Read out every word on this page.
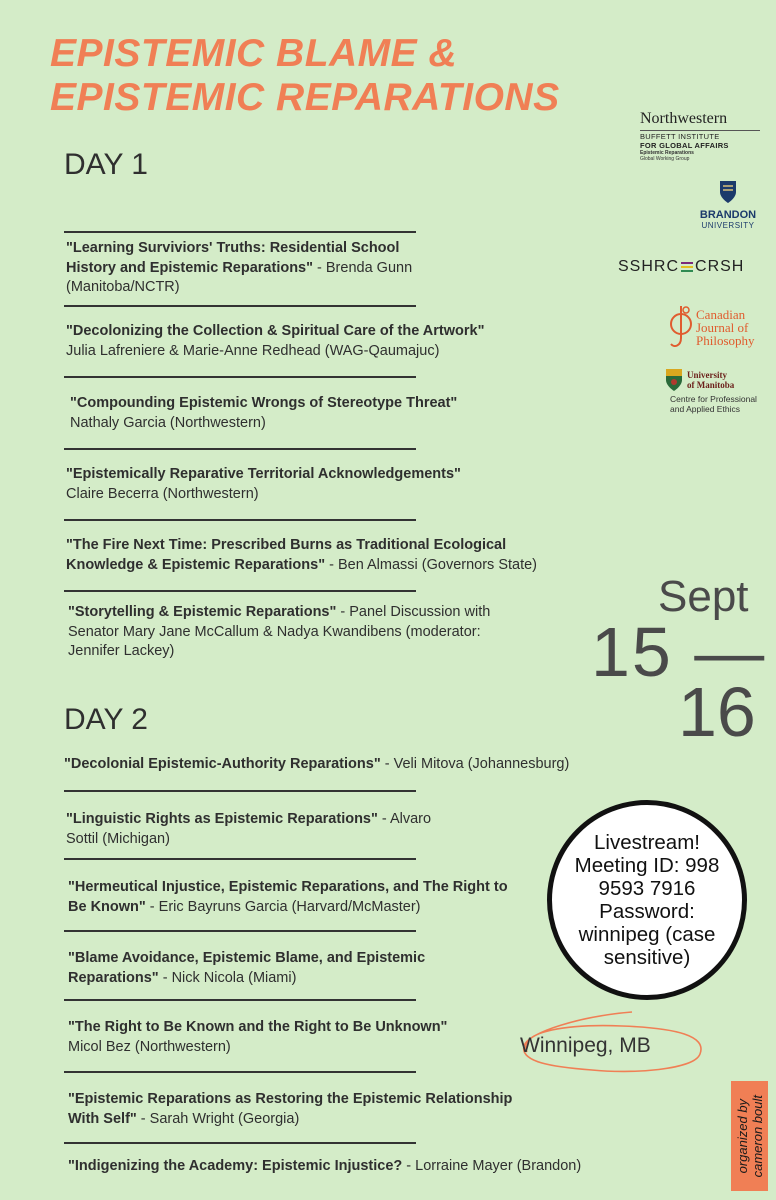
EPISTEMIC BLAME &
EPISTEMIC REPARATIONS
DAY 1
"Learning Surviviors' Truths: Residential School History and Epistemic Reparations" - Brenda Gunn (Manitoba/NCTR)
"Decolonizing the Collection & Spiritual Care of the Artwork"
Julia Lafreniere & Marie-Anne Redhead (WAG-Qaumajuc)
"Compounding Epistemic Wrongs of Stereotype Threat"
Nathaly Garcia (Northwestern)
"Epistemically Reparative Territorial Acknowledgements"
Claire Becerra (Northwestern)
"The Fire Next Time: Prescribed Burns as Traditional Ecological Knowledge & Epistemic Reparations" - Ben Almassi (Governors State)
"Storytelling & Epistemic Reparations" - Panel Discussion with Senator Mary Jane McCallum & Nadya Kwandibens (moderator: Jennifer Lackey)
DAY 2
"Decolonial Epistemic-Authority Reparations" - Veli Mitova (Johannesburg)
"Linguistic Rights as Epistemic Reparations" - Alvaro Sottil (Michigan)
"Hermeutical Injustice, Epistemic Reparations, and The Right to Be Known" - Eric Bayruns Garcia (Harvard/McMaster)
"Blame Avoidance, Epistemic Blame, and Epistemic Reparations" - Nick Nicola (Miami)
"The Right to Be Known and the Right to Be Unknown"
Micol Bez (Northwestern)
"Epistemic Reparations as Restoring the Epistemic Relationship With Self" - Sarah Wright (Georgia)
"Indigenizing the Academy: Epistemic Injustice? - Lorraine Mayer (Brandon)
Sept
15 —
16
Livestream! Meeting ID: 998 9593 7916 Password: winnipeg (case sensitive)
Winnipeg, MB
organized by
cameron boult
Northwestern
BUFFETT INSTITUTE
FOR GLOBAL AFFAIRS
Epistemic Reparations
Global Working Group
BRANDON
UNIVERSITY
SSHRC CRSH
Canadian
Journal of
Philosophy
University
of Manitoba
Centre for Professional
and Applied Ethics
